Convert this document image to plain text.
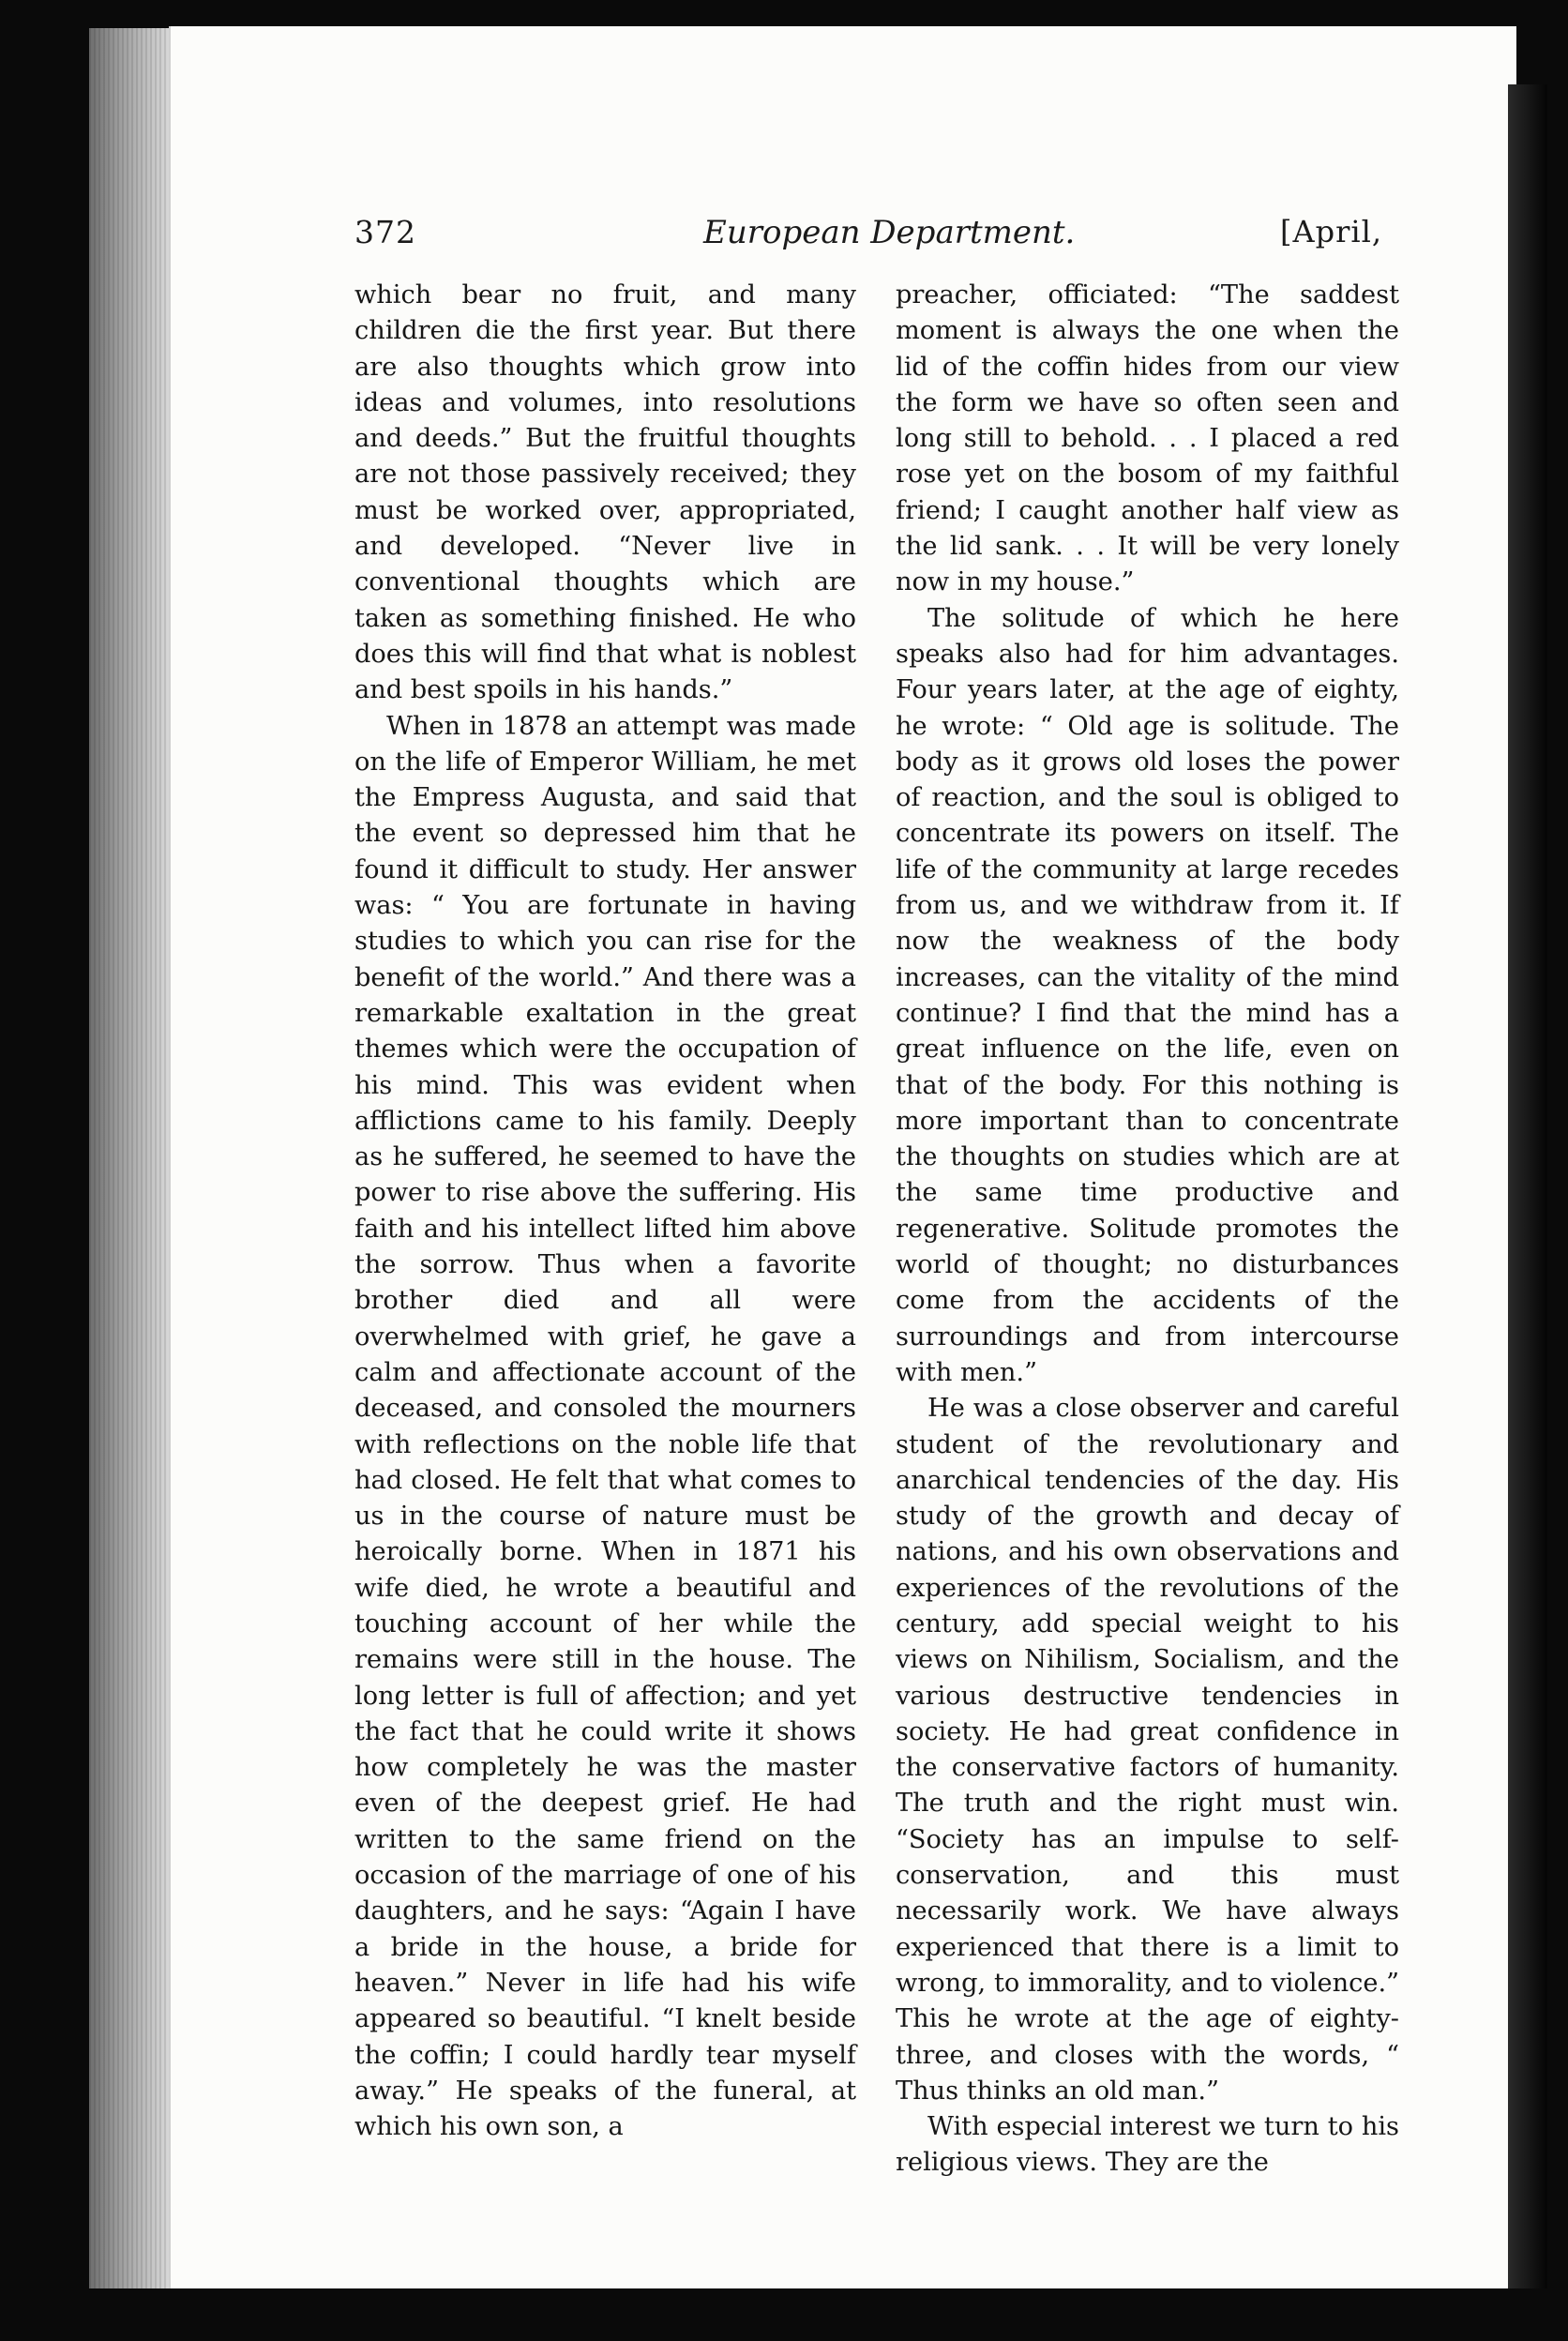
372	European Department.	[April,

which bear no fruit, and many children die the first year. But there are also thoughts which grow into ideas and volumes, into resolutions and deeds.” But the fruitful thoughts are not those passively received; they must be worked over, appropriated, and developed. “Never live in conventional thoughts which are taken as something finished. He who does this will find that what is noblest and best spoils in his hands.”

When in 1878 an attempt was made on the life of Emperor William, he met the Empress Augusta, and said that the event so depressed him that he found it difficult to study. Her answer was: “ You are fortunate in having studies to which you can rise for the benefit of the world.” And there was a remarkable exaltation in the great themes which were the occupation of his mind. This was evident when afflictions came to his family. Deeply as he suffered, he seemed to have the power to rise above the suffering. His faith and his intellect lifted him above the sorrow. Thus when a favorite brother died and all were overwhelmed with grief, he gave a calm and affectionate account of the deceased, and consoled the mourners with reflections on the noble life that had closed. He felt that what comes to us in the course of nature must be heroically borne. When in 1871 his wife died, he wrote a beautiful and touching account of her while the remains were still in the house. The long letter is full of affection; and yet the fact that he could write it shows how completely he was the master even of the deepest grief. He had written to the same friend on the occasion of the marriage of one of his daughters, and he says: “Again I have a bride in the house, a bride for heaven.” Never in life had his wife appeared so beautiful. “I knelt beside the coffin; I could hardly tear myself away.” He speaks of the funeral, at which his own son, a

preacher, officiated: “The saddest moment is always the one when the lid of the coffin hides from our view the form we have so often seen and long still to behold. . . I placed a red rose yet on the bosom of my faithful friend; I caught another half view as the lid sank. . . It will be very lonely now in my house.”

The solitude of which he here speaks also had for him advantages. Four years later, at the age of eighty, he wrote: “ Old age is solitude. The body as it grows old loses the power of reaction, and the soul is obliged to concentrate its powers on itself. The life of the community at large recedes from us, and we withdraw from it. If now the weakness of the body increases, can the vitality of the mind continue? I find that the mind has a great influence on the life, even on that of the body. For this nothing is more important than to concentrate the thoughts on studies which are at the same time productive and regenerative. Solitude promotes the world of thought; no disturbances come from the accidents of the surroundings and from intercourse with men.”

He was a close observer and careful student of the revolutionary and anarchical tendencies of the day. His study of the growth and decay of nations, and his own observations and experiences of the revolutions of the century, add special weight to his views on Nihilism, Socialism, and the various destructive tendencies in society. He had great confidence in the conservative factors of humanity. The truth and the right must win. “Society has an impulse to self-conservation, and this must necessarily work. We have always experienced that there is a limit to wrong, to immorality, and to violence.” This he wrote at the age of eighty-three, and closes with the words, “ Thus thinks an old man.”

With especial interest we turn to his religious views. They are the
